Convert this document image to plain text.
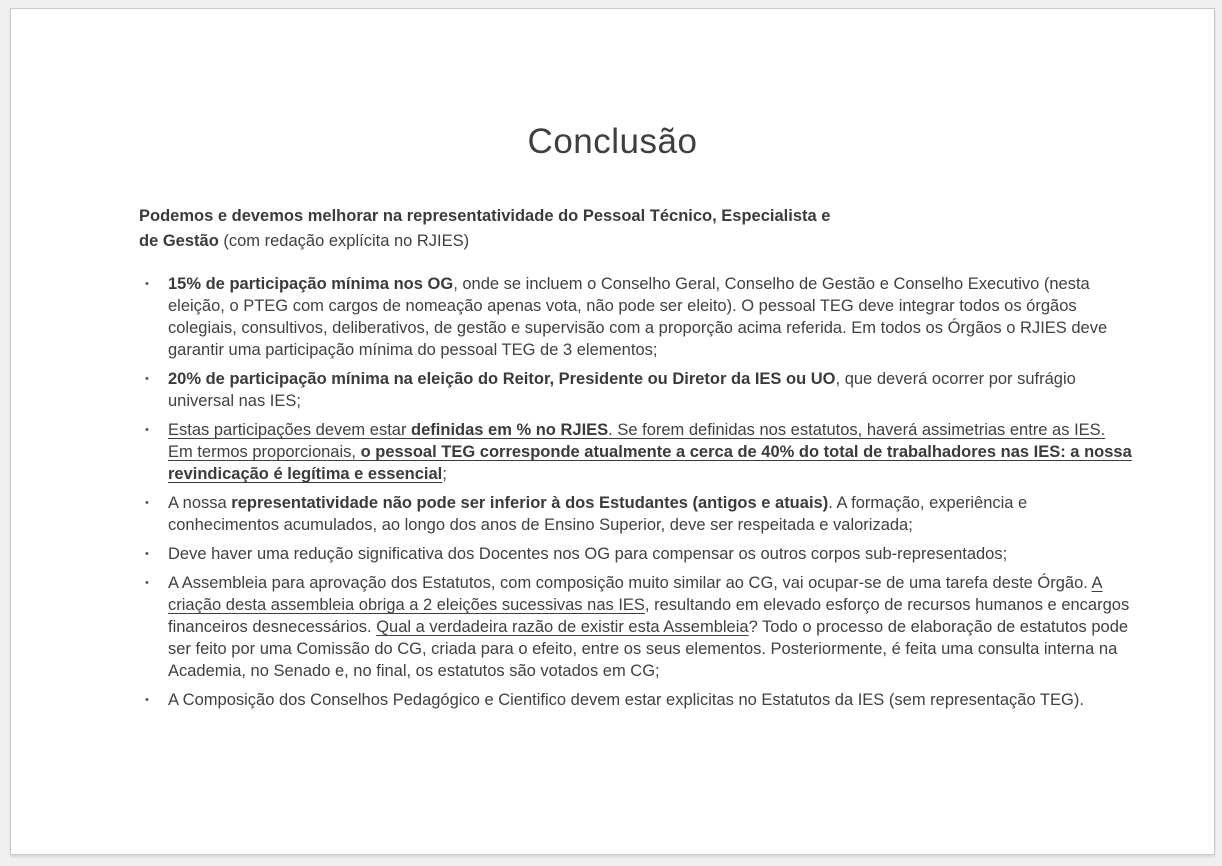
Conclusão

Podemos e devemos melhorar na representatividade do Pessoal Técnico, Especialista e
de Gestão (com redação explícita no RJIES)

• 15% de participação mínima nos OG, onde se incluem o Conselho Geral, Conselho de Gestão e Conselho Executivo (nesta eleição, o PTEG com cargos de nomeação apenas vota, não pode ser eleito). O pessoal TEG deve integrar todos os órgãos colegiais, consultivos, deliberativos, de gestão e supervisão com a proporção acima referida. Em todos os Órgãos o RJIES deve garantir uma participação mínima do pessoal TEG de 3 elementos;
• 20% de participação mínima na eleição do Reitor, Presidente ou Diretor da IES ou UO, que deverá ocorrer por sufrágio universal nas IES;
• Estas participações devem estar definidas em % no RJIES. Se forem definidas nos estatutos, haverá assimetrias entre as IES. Em termos proporcionais, o pessoal TEG corresponde atualmente a cerca de 40% do total de trabalhadores nas IES: a nossa revindicação é legítima e essencial;
• A nossa representatividade não pode ser inferior à dos Estudantes (antigos e atuais). A formação, experiência e conhecimentos acumulados, ao longo dos anos de Ensino Superior, deve ser respeitada e valorizada;
• Deve haver uma redução significativa dos Docentes nos OG para compensar os outros corpos sub-representados;
• A Assembleia para aprovação dos Estatutos, com composição muito similar ao CG, vai ocupar-se de uma tarefa deste Órgão. A criação desta assembleia obriga a 2 eleições sucessivas nas IES, resultando em elevado esforço de recursos humanos e encargos financeiros desnecessários. Qual a verdadeira razão de existir esta Assembleia? Todo o processo de elaboração de estatutos pode ser feito por uma Comissão do CG, criada para o efeito, entre os seus elementos. Posteriormente, é feita uma consulta interna na Academia, no Senado e, no final, os estatutos são votados em CG;
• A Composição dos Conselhos Pedagógico e Cientifico devem estar explicitas no Estatutos da IES (sem representação TEG).
